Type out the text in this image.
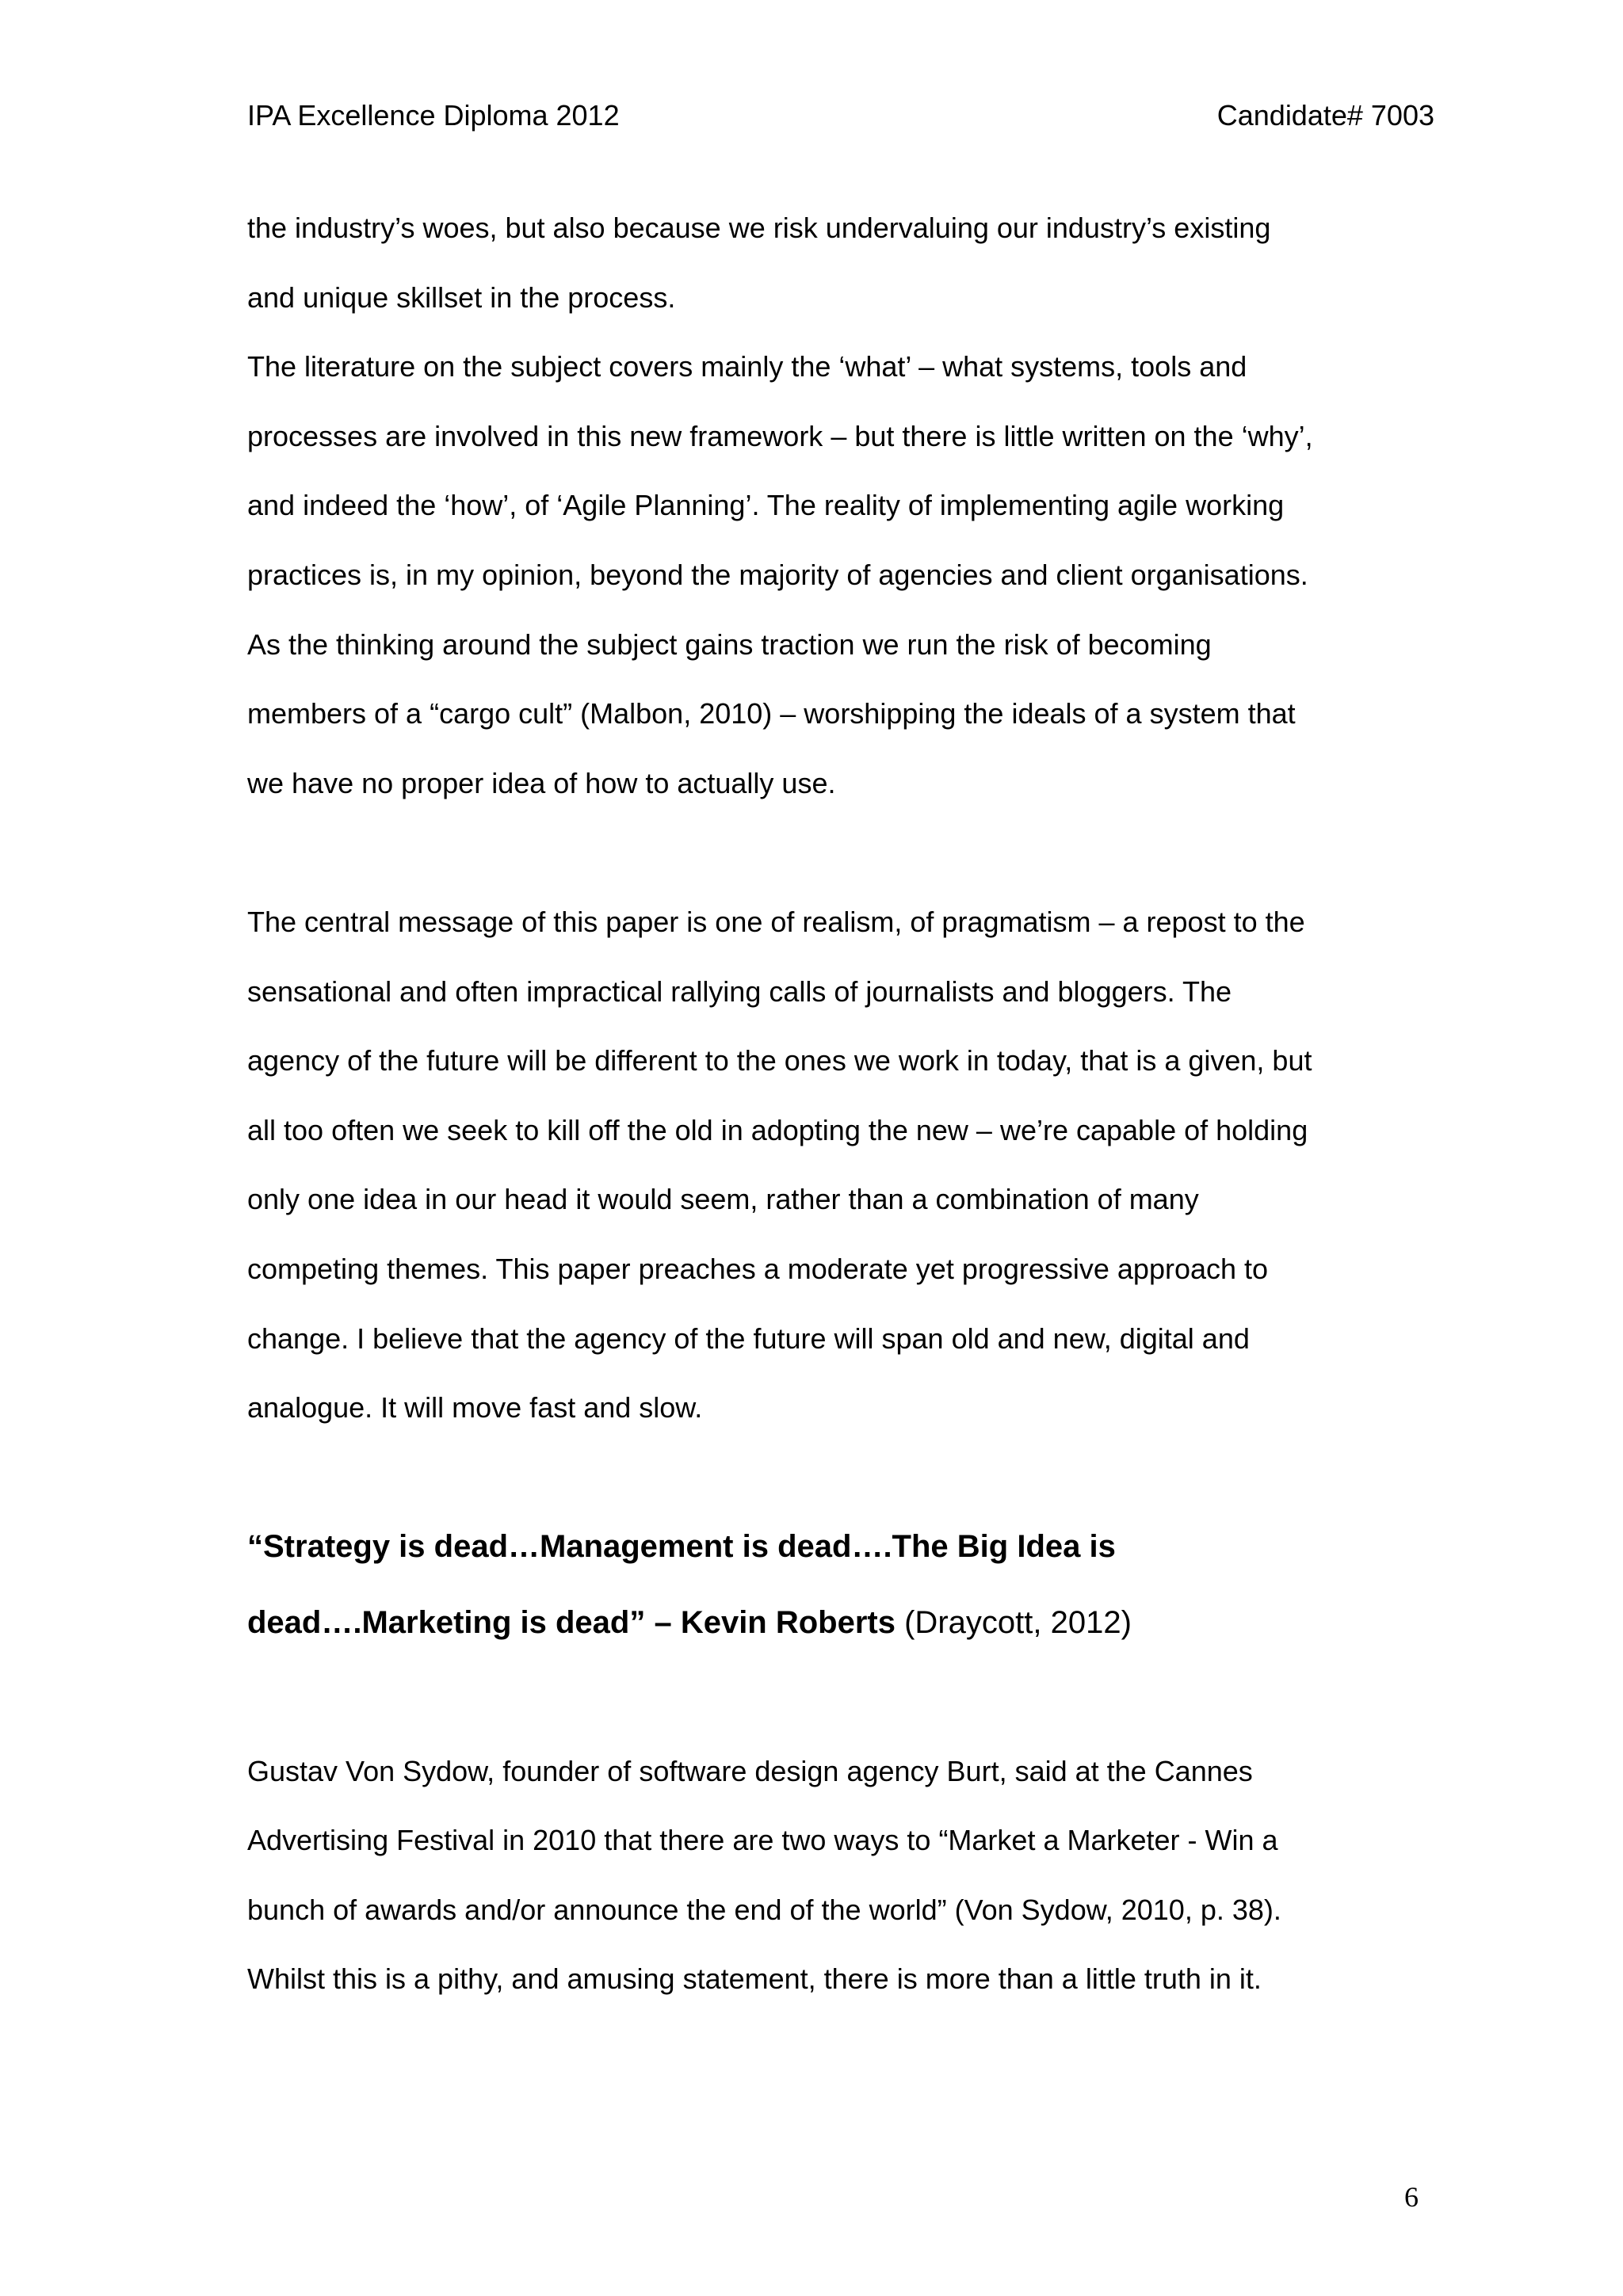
IPA Excellence Diploma 2012	Candidate# 7003
the industry’s woes, but also because we risk undervaluing our industry’s existing
and unique skillset in the process.
The literature on the subject covers mainly the ‘what’ – what systems, tools and
processes are involved in this new framework – but there is little written on the ‘why’,
and indeed the ‘how’, of ‘Agile Planning’. The reality of implementing agile working
practices is, in my opinion, beyond the majority of agencies and client organisations.
As the thinking around the subject gains traction we run the risk of becoming
members of a “cargo cult” (Malbon, 2010) – worshipping the ideals of a system that
we have no proper idea of how to actually use.
The central message of this paper is one of realism, of pragmatism – a repost to the
sensational and often impractical rallying calls of journalists and bloggers. The
agency of the future will be different to the ones we work in today, that is a given, but
all too often we seek to kill off the old in adopting the new – we’re capable of holding
only one idea in our head it would seem, rather than a combination of many
competing themes. This paper preaches a moderate yet progressive approach to
change. I believe that the agency of the future will span old and new, digital and
analogue. It will move fast and slow.
“Strategy is dead…Management is dead….The Big Idea is
dead….Marketing is dead” – Kevin Roberts (Draycott, 2012)
Gustav Von Sydow, founder of software design agency Burt, said at the Cannes
Advertising Festival in 2010 that there are two ways to “Market a Marketer - Win a
bunch of awards and/or announce the end of the world” (Von Sydow, 2010, p. 38).
Whilst this is a pithy, and amusing statement, there is more than a little truth in it.
6
